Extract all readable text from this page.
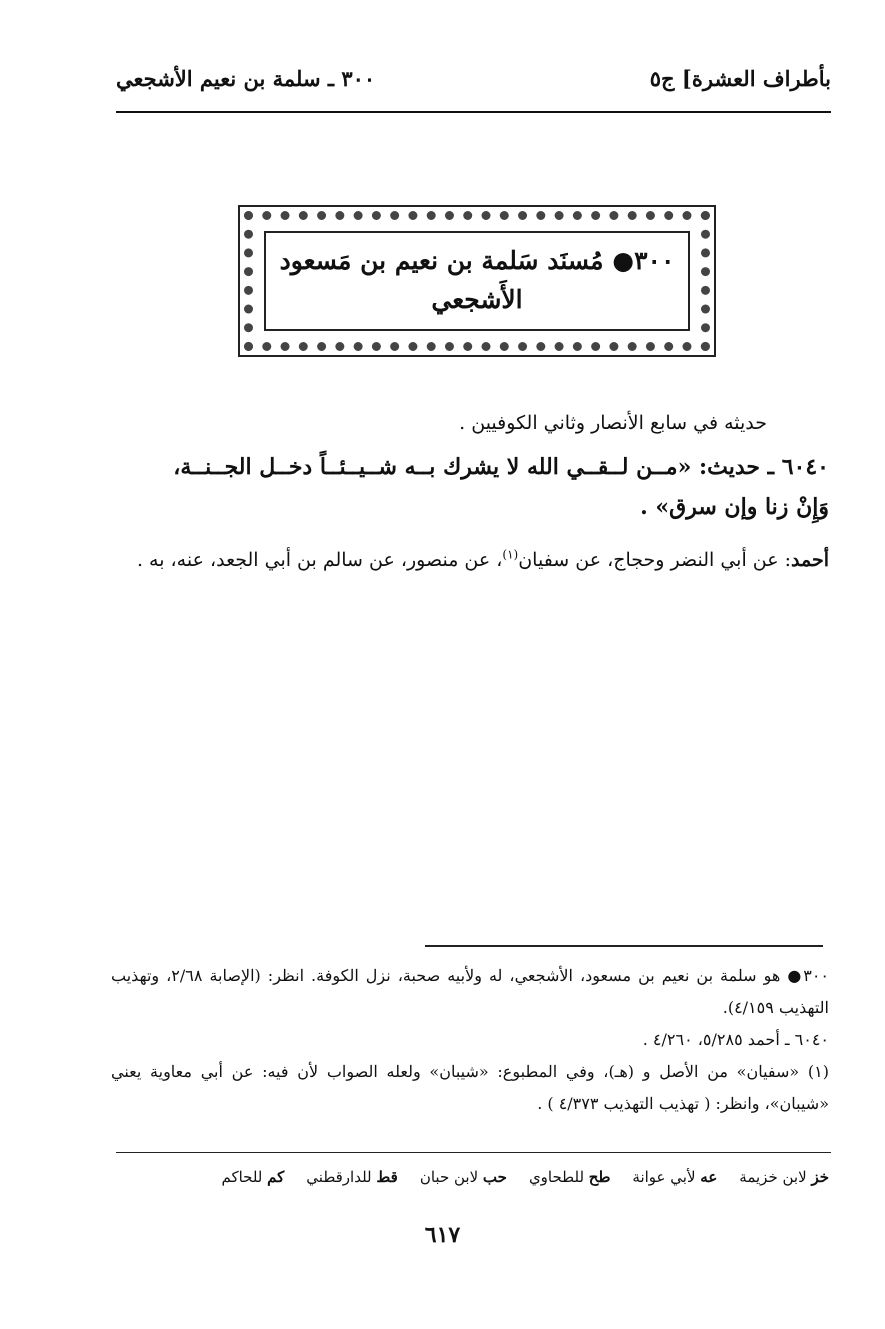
بأطراف العشرة] ج٥
٣٠٠ ـ سلمة بن نعيم الأشجعي
٣٠٠● مُسنَد سَلمة بن نعيم بن مَسعود
الأَشجعي
حديثه في سابع الأنصار وثاني الكوفيين .
٦٠٤٠ ـ حديث: «مــن لــقــي الله لا يشرك بــه شــيــئــاً دخــل الجــنــة،
وَإِنْ زنا وإن سرق» .
أحمد: عن أبي النضر وحجاج، عن سفيان$^{(١)}$، عن منصور، عن سالم بن أبي الجعد، عنه، به .

٣٠٠● هو سلمة بن نعيم بن مسعود، الأشجعي، له ولأبيه صحبة، نزل الكوفة. انظر: (الإصابة ٢/٦٨، وتهذيب التهذيب ٤/١٥٩).

٦٠٤٠ ـ أحمد ٥/٢٨٥، ٤/٢٦٠ .

(١) «سفيان» من الأصل و (هـ)، وفي المطبوع: «شيبان» ولعله الصواب لأن فيه: عن أبي معاوية يعني «شيبان»، وانظر: ( تهذيب التهذيب ٤/٣٧٣ ) .

خز لابن خزيمة
عه لأبي عوانة
طح للطحاوي
حب لابن حبان
قط للدارقطني
كم للحاكم
٦١٧
